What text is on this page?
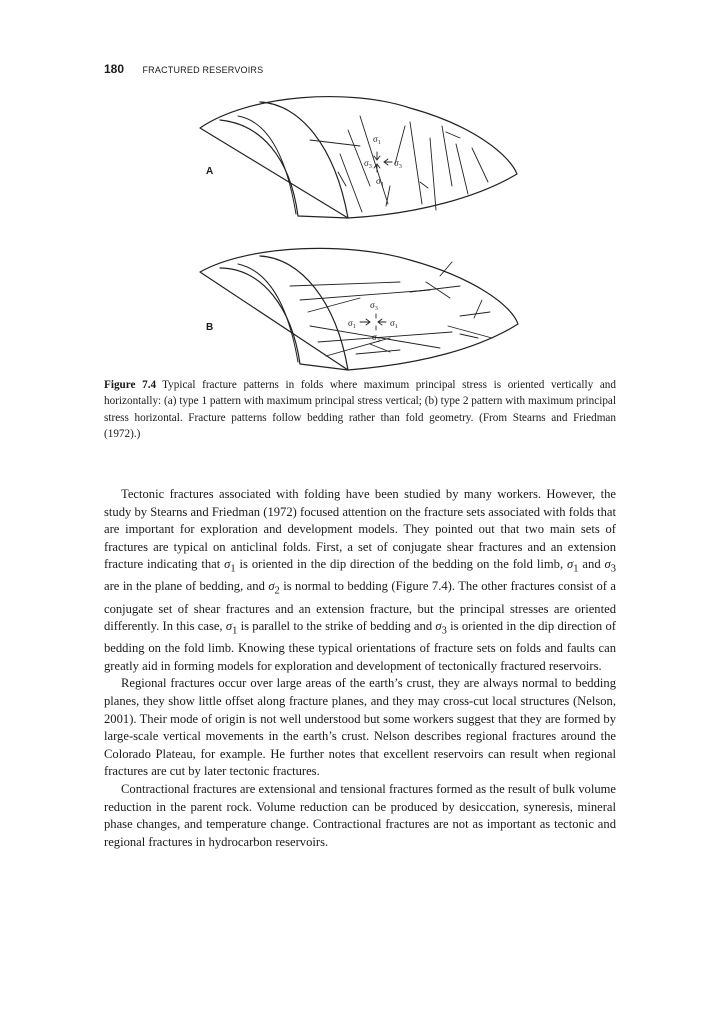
180 FRACTURED RESERVOIRS
A
B
$\sigma_1$
$\sigma_3$ $\sigma_3$
$\sigma_1$
$\sigma_3$
$\sigma_1$	$\sigma_1$
$\sigma_3$
Figure 7.4 Typical fracture patterns in folds where maximum principal stress is oriented vertically and horizontally: (a) type 1 pattern with maximum principal stress vertical; (b) type 2 pattern with maximum principal stress horizontal. Fracture patterns follow bedding rather than fold geometry. (From Stearns and Friedman (1972).)

Tectonic fractures associated with folding have been studied by many workers. However, the study by Stearns and Friedman (1972) focused attention on the fracture sets associated with folds that are important for exploration and development models. They pointed out that two main sets of fractures are typical on anticlinal folds. First, a set of conjugate shear fractures and an extension fracture indicating that $\sigma_1$ is oriented in the dip direction of the bedding on the fold limb, $\sigma_1$ and $\sigma_3$ are in the plane of bedding, and $\sigma_2$ is normal to bedding (Figure 7.4). The other fractures consist of a conjugate set of shear fractures and an extension fracture, but the principal stresses are oriented differently. In this case, $\sigma_1$ is parallel to the strike of bedding and $\sigma_3$ is oriented in the dip direction of bedding on the fold limb. Knowing these typical orientations of fracture sets on folds and faults can greatly aid in forming models for exploration and development of tectonically fractured reservoirs.

Regional fractures occur over large areas of the earth’s crust, they are always normal to bedding planes, they show little offset along fracture planes, and they may cross-cut local structures (Nelson, 2001). Their mode of origin is not well understood but some workers suggest that they are formed by large-scale vertical movements in the earth’s crust. Nelson describes regional fractures around the Colorado Plateau, for example. He further notes that excellent reservoirs can result when regional fractures are cut by later tectonic fractures.

Contractional fractures are extensional and tensional fractures formed as the result of bulk volume reduction in the parent rock. Volume reduction can be produced by desiccation, syneresis, mineral phase changes, and temperature change. Contractional fractures are not as important as tectonic and regional fractures in hydrocarbon reservoirs.
